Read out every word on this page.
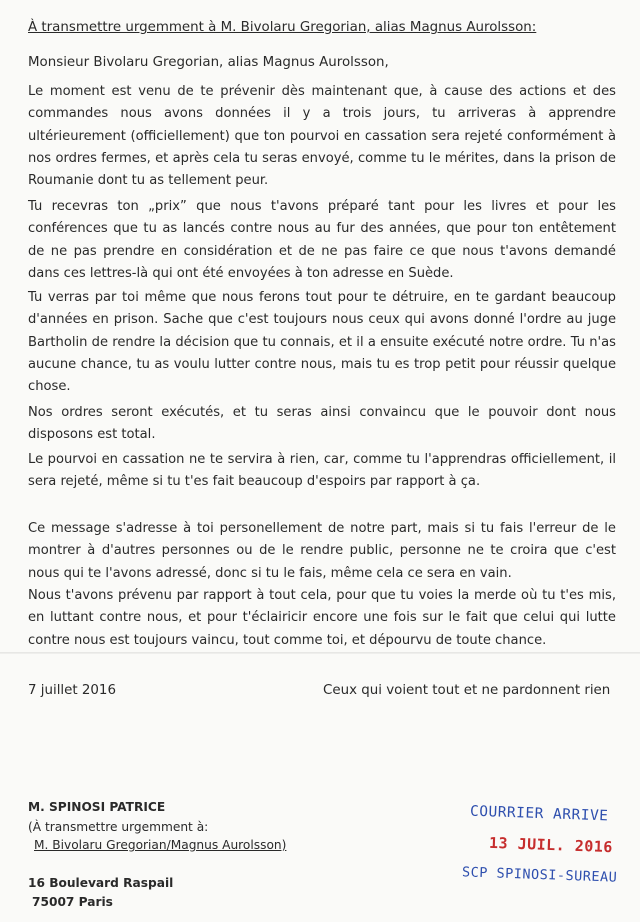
À transmettre urgemment à M. Bivolaru Gregorian, alias Magnus Aurolsson:
Monsieur Bivolaru Gregorian, alias Magnus Aurolsson,

Le moment est venu de te prévenir dès maintenant que, à cause des actions et des commandes nous avons données il y a trois jours, tu arriveras à apprendre ultérieurement (officiellement) que ton pourvoi en cassation sera rejeté conformément à nos ordres fermes, et après cela tu seras envoyé, comme tu le mérites, dans la prison de Roumanie dont tu as tellement peur.

Tu recevras ton „prix” que nous t'avons préparé tant pour les livres et pour les conférences que tu as lancés contre nous au fur des années, que pour ton entêtement de ne pas prendre en considération et de ne pas faire ce que nous t'avons demandé dans ces lettres-là qui ont été envoyées à ton adresse en Suède.

Tu verras par toi même que nous ferons tout pour te détruire, en te gardant beaucoup d'années en prison. Sache que c'est toujours nous ceux qui avons donné l'ordre au juge Bartholin de rendre la décision que tu connais, et il a ensuite exécuté notre ordre. Tu n'as aucune chance, tu as voulu lutter contre nous, mais tu es trop petit pour réussir quelque chose.

Nos ordres seront exécutés, et tu seras ainsi convaincu que le pouvoir dont nous disposons est total.

Le pourvoi en cassation ne te servira à rien, car, comme tu l'apprendras officiellement, il sera rejeté, même si tu t'es fait beaucoup d'espoirs par rapport à ça.

Ce message s'adresse à toi personellement de notre part, mais si tu fais l'erreur de le montrer à d'autres personnes ou de le rendre public, personne ne te croira que c'est nous qui te l'avons adressé, donc si tu le fais, même cela ce sera en vain.

Nous t'avons prévenu par rapport à tout cela, pour que tu voies la merde où tu t'es mis, en luttant contre nous, et pour t'éclairicir encore une fois sur le fait que celui qui lutte contre nous est toujours vaincu, tout comme toi, et dépourvu de toute chance.

7 juillet 2016	Ceux qui voient tout et ne pardonnent rien
M. SPINOSI PATRICE
(À transmettre urgemment à:
M. Bivolaru Gregorian/Magnus Aurolsson)
16 Boulevard Raspail
75007 Paris
COURRIER ARRIVE
13 JUIL. 2016
SCP SPINOSI-SUREAU
